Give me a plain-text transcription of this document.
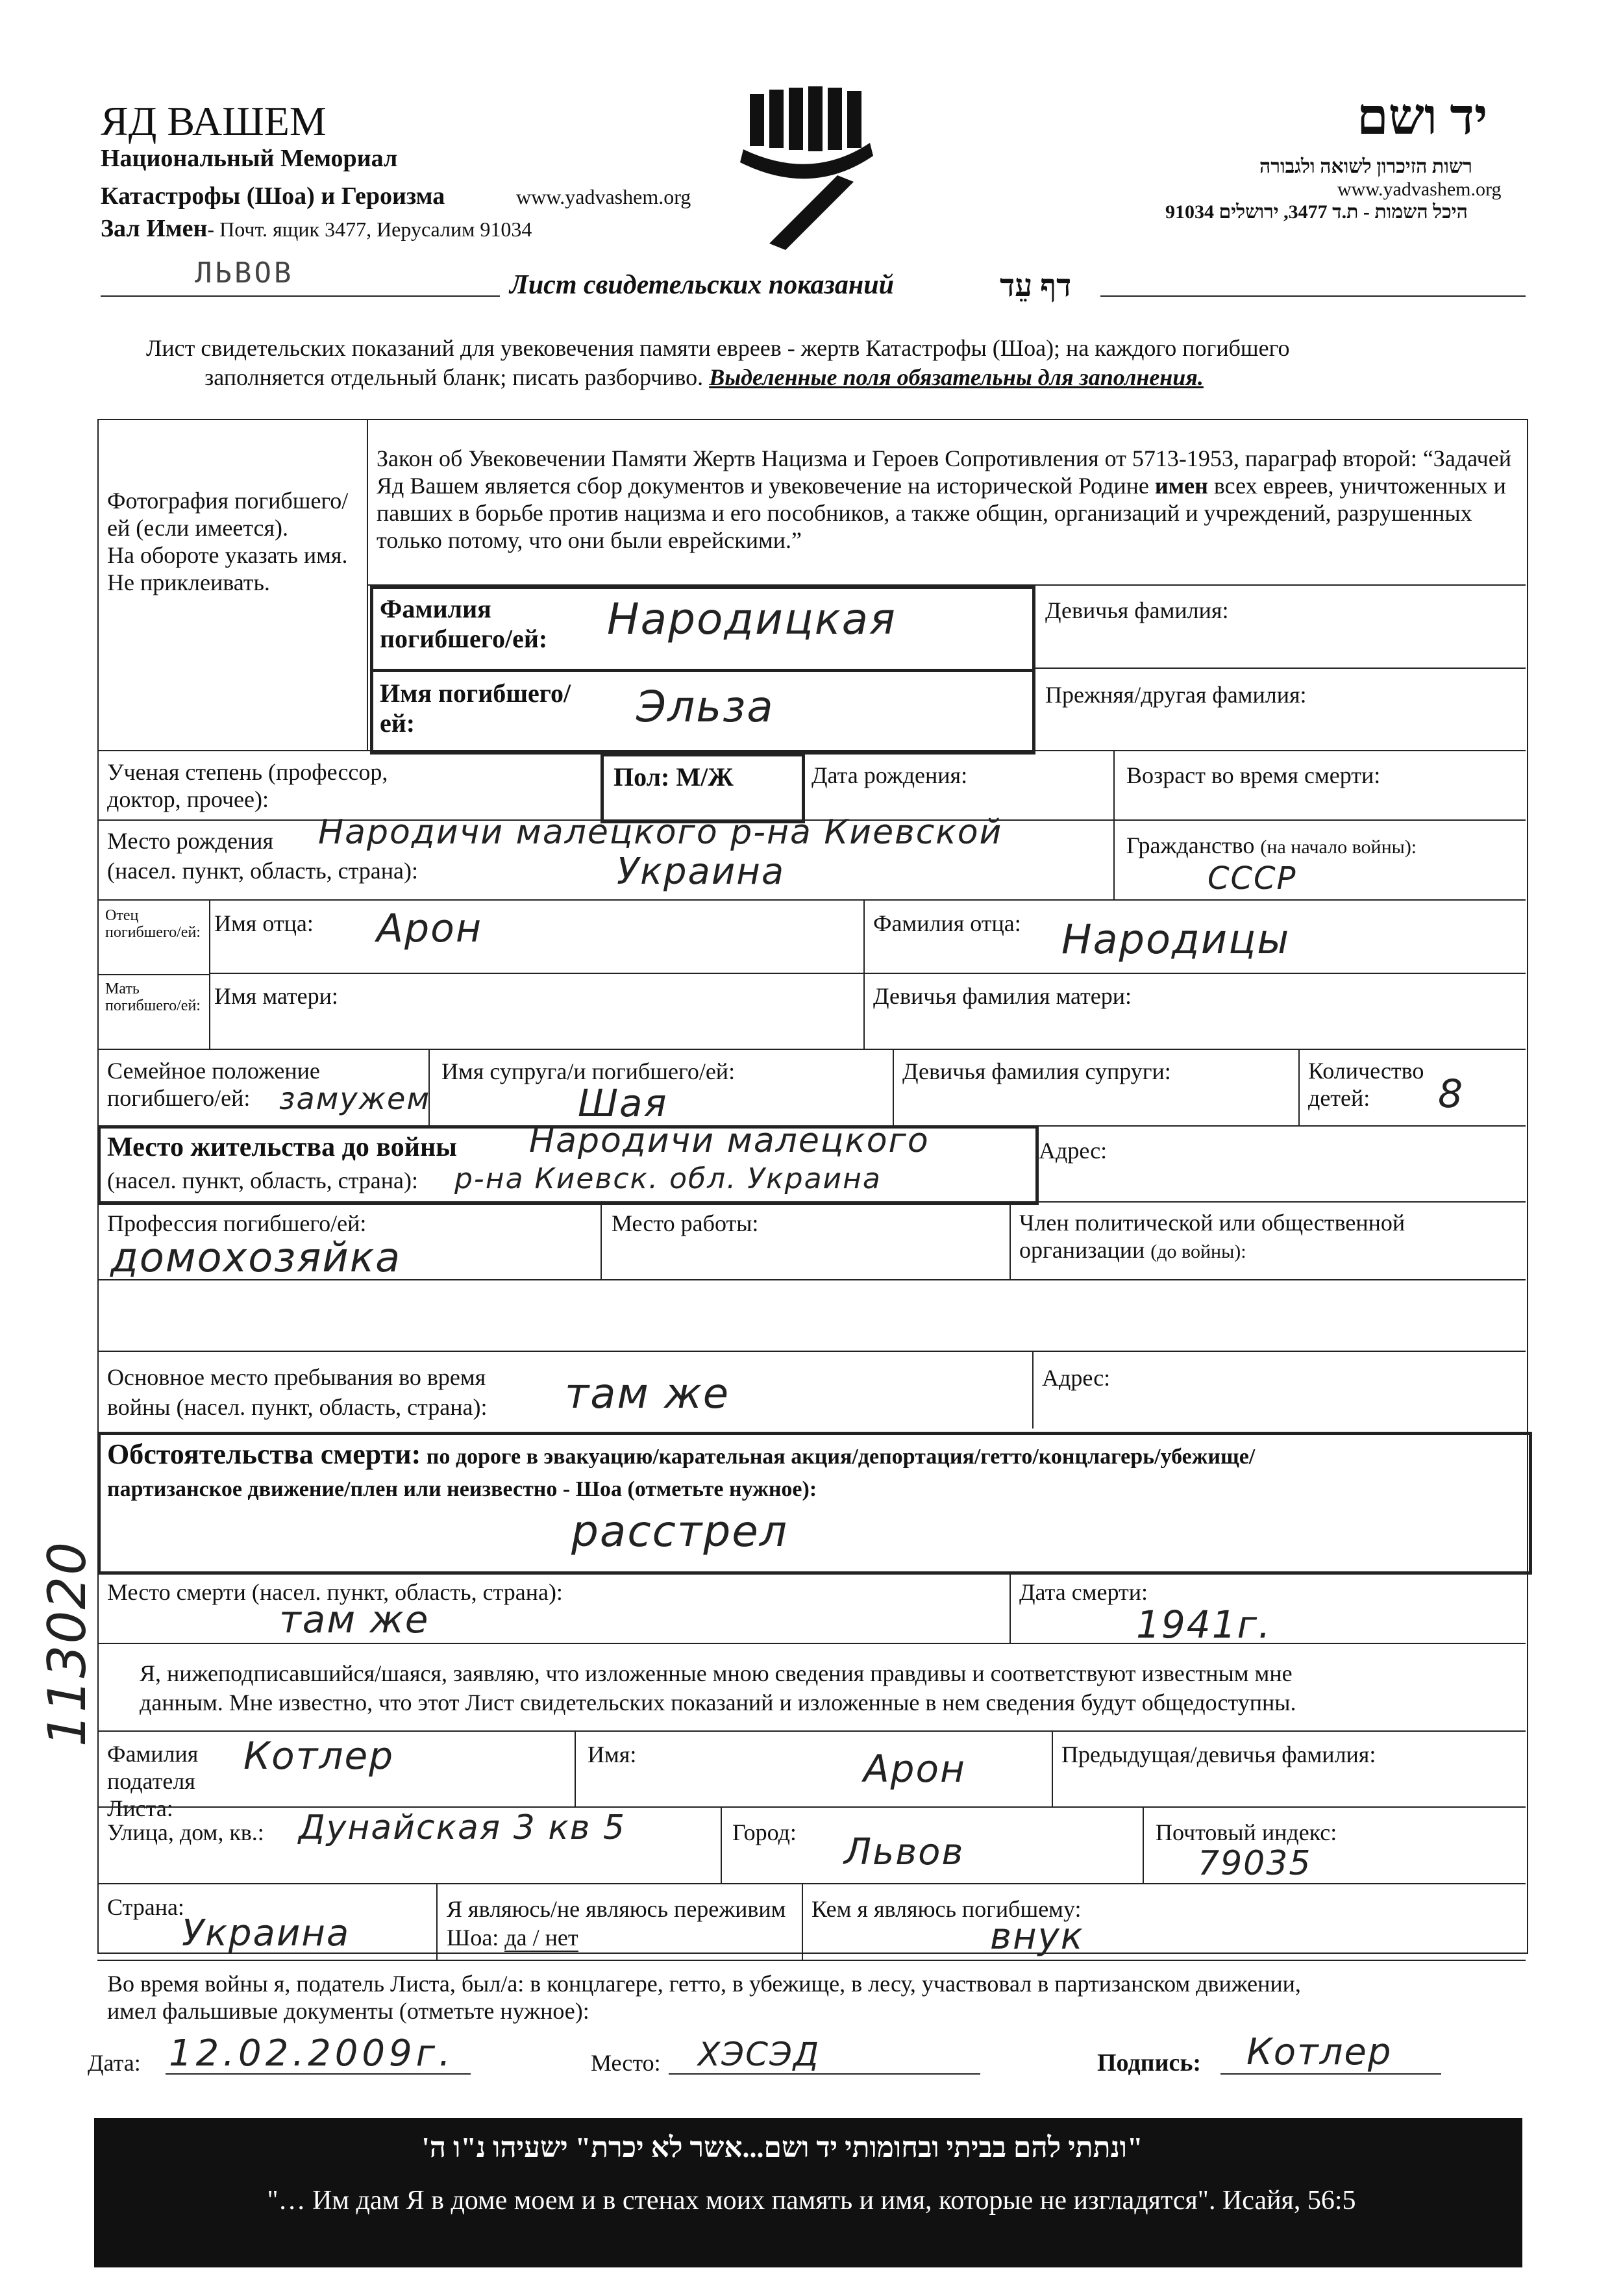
ЯД ВАШЕМ
Национальный Мемориал
Катастрофы (Шоа) и Героизма	www.yadvashem.org
Зал Имен- Почт. ящик 3477, Иерусалим 91034
ЛЬВОВ
יד ושם
רשות הזיכרון לשואה ולגבורה
www.yadvashem.org
היכל השמות - ת.ד 3477, ירושלים 91034
Лист свидетельских показаний	דף עֵד
Лист свидетельских показаний для увековечения памяти евреев - жертв Катастрофы (Шоа); на каждого погибшего
заполняется отдельный бланк; писать разборчиво. Выделенные поля обязательны для заполнения.
Фотография погибшего/ей (если имеется).
На обороте указать имя.
Не приклеивать.
Закон об Увековечении Памяти Жертв Нацизма и Героев Сопротивления от 5713-1953, параграф второй: “Задачей Яд Вашем является сбор документов и увековечение на исторической Родине имен всех евреев, уничтоженных и павших в борьбе против нацизма и его пособников, а также общин, организаций и учреждений, разрушенных только потому, что они были еврейскими.”
Фамилия погибшего/ей:	Народицкая	Девичья фамилия:
Имя погибшего/ей:	Эльза	Прежняя/другая фамилия:
Ученая степень (профессор, доктор, прочее):
Пол: М/Ж	Дата рождения:	Возраст во время смерти:
Место рождения
(насел. пункт, область, страна):
Народичи малецкого р-на Киевской
Украина
Гражданство (на начало войны):
СССР
Отец погибшего/ей: Имя отца: Арон	Фамилия отца: Народицы
Мать погибшего/ей: Имя матери:	Девичья фамилия матери:
Семейное положение погибшего/ей: замужем
Имя супруга/и погибшего/ей:
Шая
Девичья фамилия супруги:	Количество детей:	8
Место жительства до войны
(насел. пункт, область, страна):
Народичи малецкого
р-на Киевск. обл. Украина
Адрес:
Профессия погибшего/ей:
домохозяйка
Место работы:	Член политической или общественной организации (до войны):
Основное место пребывания во время
войны (насел. пункт, область, страна): там же	Адрес:
Обстоятельства смерти: по дороге в эвакуацию/карательная акция/депортация/гетто/концлагерь/убежище/
партизанское движение/плен или неизвестно - Шоа (отметьте нужное):
расстрел
Место смерти (насел. пункт, область, страна):
там же
Дата смерти:
1941г.
Я, нижеподписавшийся/шаяся, заявляю, что изложенные мною сведения правдивы и соответствуют известным мне
данным. Мне известно, что этот Лист свидетельских показаний и изложенные в нем сведения будут общедоступны.
Фамилия подателя Листа:
Котлер	Имя:	Арон	Предыдущая/девичья фамилия:
Улица, дом, кв.: Дунайская 3 кв 5	Город: Львов	Почтовый индекс:
79035
Страна:
Украина
Я являюсь/не являюсь переживим Шоа: да / нет
Кем я являюсь погибшему:
внук
Во время войны я, податель Листа, был/а: в концлагере, гетто, в убежище, в лесу, участвовал в партизанском движении,
имел фальшивые документы (отметьте нужное):
Дата: 12.02.2009г.	Место: ХЭСЭД	Подпись: Котлер
"ונתתי להם בביתי ובחומותי יד ושם...אשר לא יכרת" ישעיהו נ"ו ה'
"… Им дам Я в доме моем и в стенах моих память и имя, которые не изгладятся". Исайя, 56:5
113020
